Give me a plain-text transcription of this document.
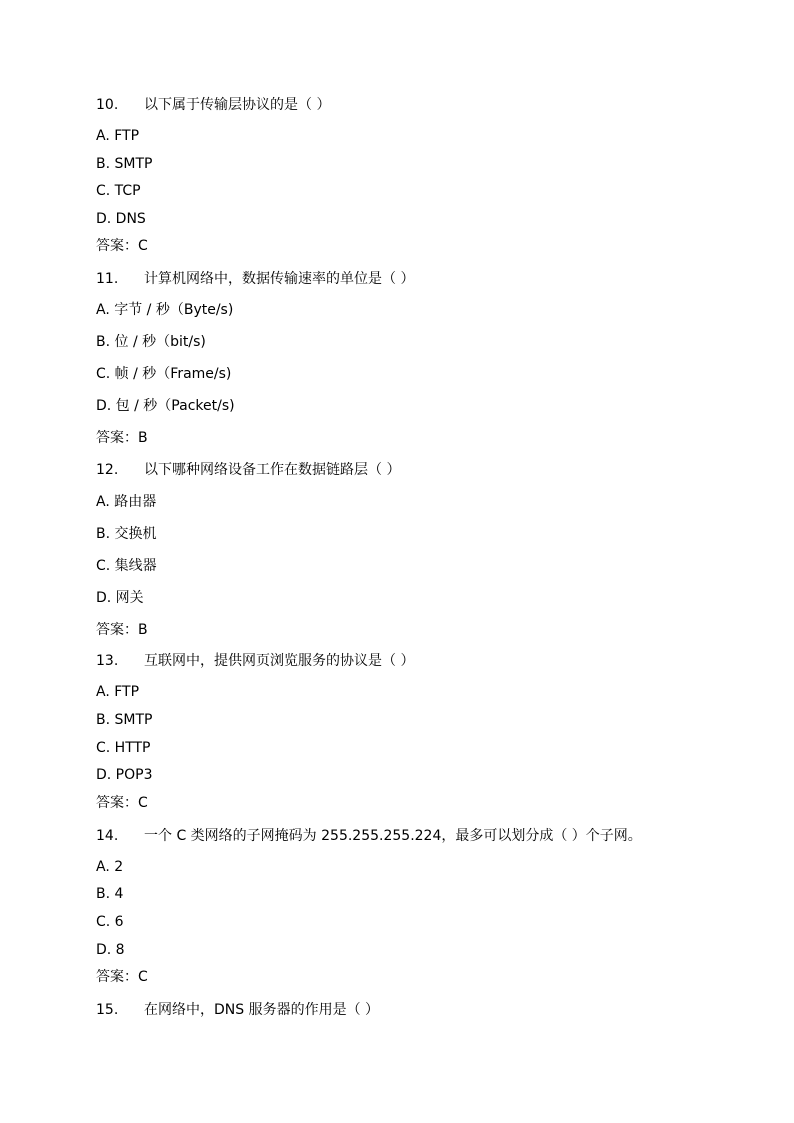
10. 以下属于传输层协议的是（ ）
A. FTP
B. SMTP
C. TCP
D. DNS
答案：C
11. 计算机网络中，数据传输速率的单位是（ ）
A. 字节 / 秒（Byte/s)
B. 位 / 秒（bit/s)
C. 帧 / 秒（Frame/s)
D. 包 / 秒（Packet/s)
答案：B
12. 以下哪种网络设备工作在数据链路层（ ）
A. 路由器
B. 交换机
C. 集线器
D. 网关
答案：B
13. 互联网中，提供网页浏览服务的协议是（ ）
A. FTP
B. SMTP
C. HTTP
D. POP3
答案：C
14. 一个 C 类网络的子网掩码为 255.255.255.224，最多可以划分成（ ）个子网。
A. 2
B. 4
C. 6
D. 8
答案：C
15. 在网络中，DNS 服务器的作用是（ ）
